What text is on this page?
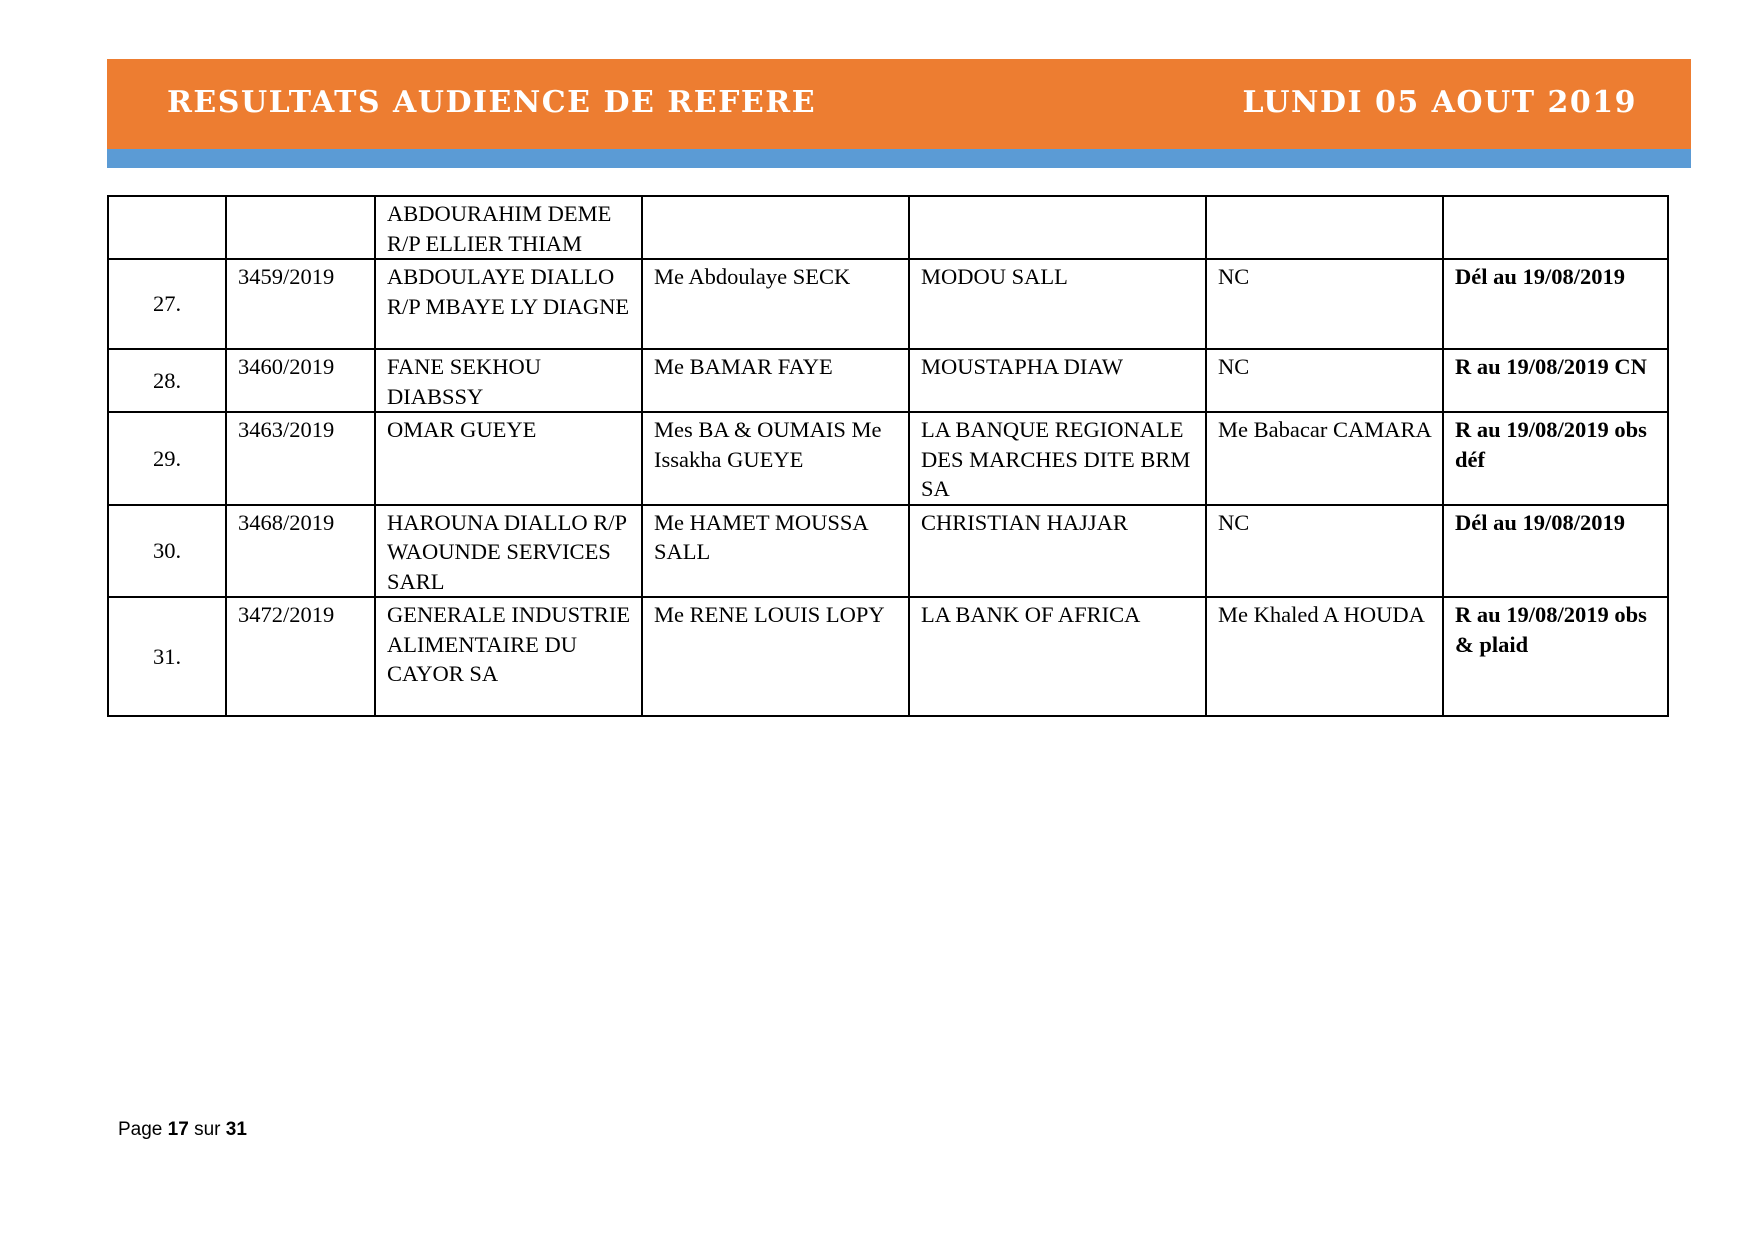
RESULTATS AUDIENCE DE REFERE	LUNDI 05 AOUT 2019
		ABDOURAHIM DEME R/P ELLIER THIAM				
27.	3459/2019	ABDOULAYE DIALLO R/P MBAYE LY DIAGNE	Me Abdoulaye SECK	MODOU SALL	NC	Dél au 19/08/2019
28.	3460/2019	FANE SEKHOU DIABSSY	Me BAMAR FAYE	MOUSTAPHA DIAW	NC	R au 19/08/2019 CN
29.	3463/2019	OMAR GUEYE	Mes BA & OUMAIS Me Issakha GUEYE	LA BANQUE REGIONALE DES MARCHES DITE BRM SA	Me Babacar CAMARA	R au 19/08/2019 obs déf
30.	3468/2019	HAROUNA DIALLO R/P WAOUNDE SERVICES SARL	Me HAMET MOUSSA SALL	CHRISTIAN HAJJAR	NC	Dél au 19/08/2019
31.	3472/2019	GENERALE INDUSTRIE ALIMENTAIRE DU CAYOR SA	Me RENE LOUIS LOPY	LA BANK OF AFRICA	Me Khaled A HOUDA	R au 19/08/2019 obs & plaid
Page 17 sur 31
